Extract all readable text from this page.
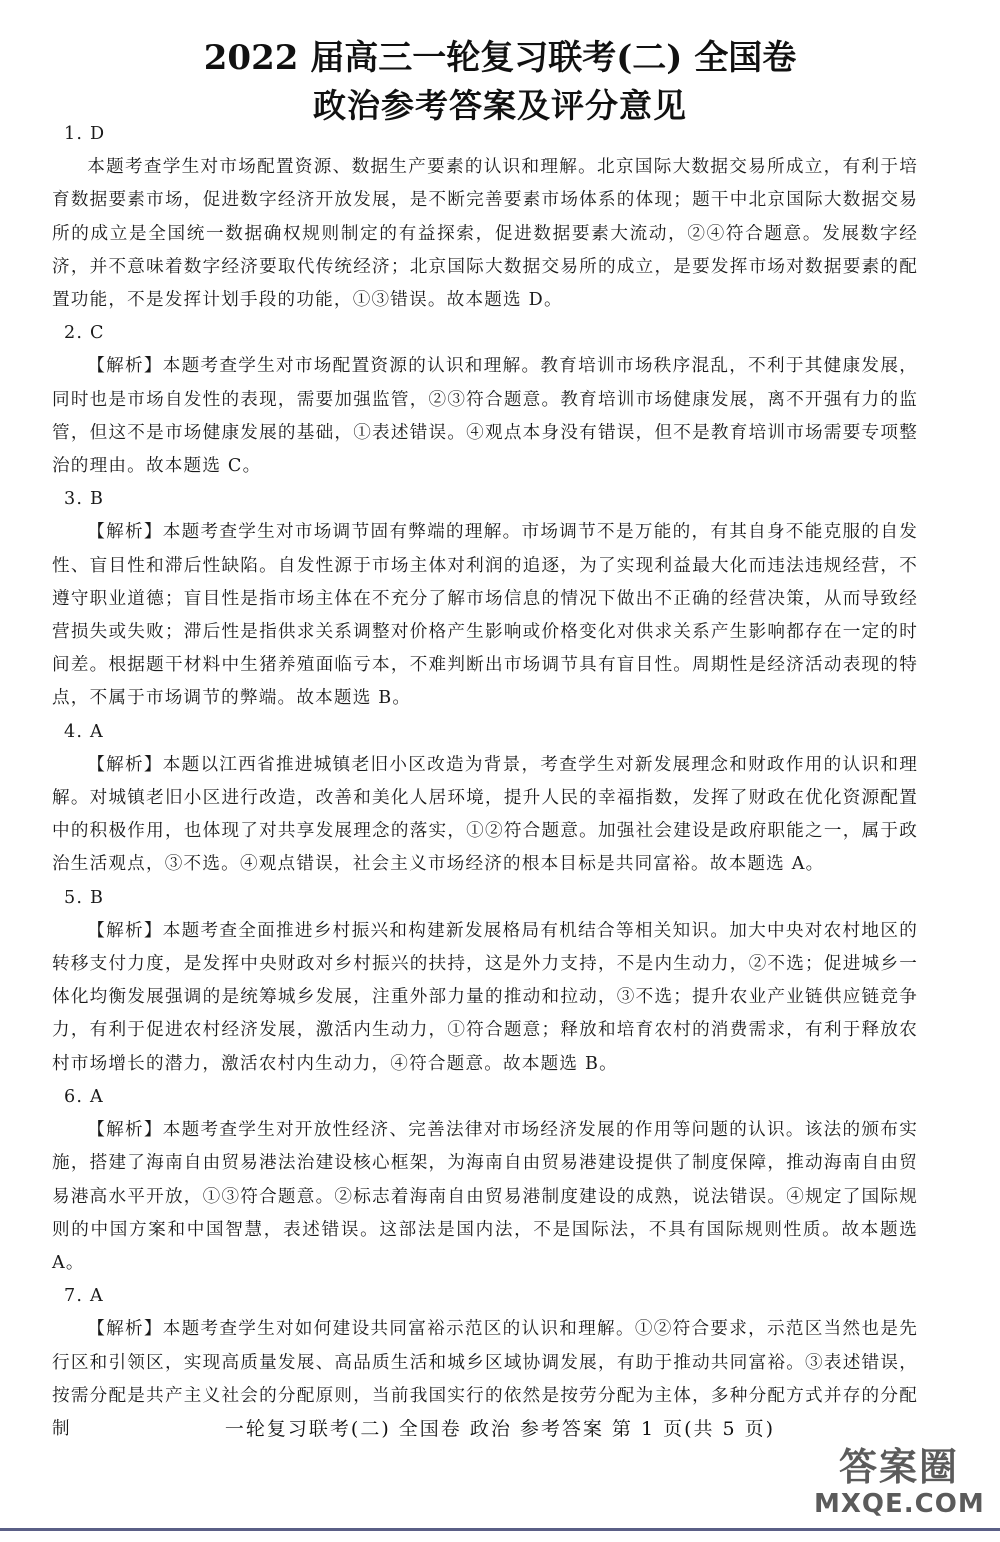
2022 届高三一轮复习联考(二) 全国卷
政治参考答案及评分意见

1. D

本题考查学生对市场配置资源、数据生产要素的认识和理解。北京国际大数据交易所成立，有利于培育数据要素市场，促进数字经济开放发展，是不断完善要素市场体系的体现；题干中北京国际大数据交易所的成立是全国统一数据确权规则制定的有益探索，促进数据要素大流动，②④符合题意。发展数字经济，并不意味着数字经济要取代传统经济；北京国际大数据交易所的成立，是要发挥市场对数据要素的配置功能，不是发挥计划手段的功能，①③错误。故本题选 D。

2. C

【解析】本题考查学生对市场配置资源的认识和理解。教育培训市场秩序混乱，不利于其健康发展，同时也是市场自发性的表现，需要加强监管，②③符合题意。教育培训市场健康发展，离不开强有力的监管，但这不是市场健康发展的基础，①表述错误。④观点本身没有错误，但不是教育培训市场需要专项整治的理由。故本题选 C。

3. B

【解析】本题考查学生对市场调节固有弊端的理解。市场调节不是万能的，有其自身不能克服的自发性、盲目性和滞后性缺陷。自发性源于市场主体对利润的追逐，为了实现利益最大化而违法违规经营，不遵守职业道德；盲目性是指市场主体在不充分了解市场信息的情况下做出不正确的经营决策，从而导致经营损失或失败；滞后性是指供求关系调整对价格产生影响或价格变化对供求关系产生影响都存在一定的时间差。根据题干材料中生猪养殖面临亏本，不难判断出市场调节具有盲目性。周期性是经济活动表现的特点，不属于市场调节的弊端。故本题选 B。

4. A

【解析】本题以江西省推进城镇老旧小区改造为背景，考查学生对新发展理念和财政作用的认识和理解。对城镇老旧小区进行改造，改善和美化人居环境，提升人民的幸福指数，发挥了财政在优化资源配置中的积极作用，也体现了对共享发展理念的落实，①②符合题意。加强社会建设是政府职能之一，属于政治生活观点，③不选。④观点错误，社会主义市场经济的根本目标是共同富裕。故本题选 A。

5. B

【解析】本题考查全面推进乡村振兴和构建新发展格局有机结合等相关知识。加大中央对农村地区的转移支付力度，是发挥中央财政对乡村振兴的扶持，这是外力支持，不是内生动力，②不选；促进城乡一体化均衡发展强调的是统筹城乡发展，注重外部力量的推动和拉动，③不选；提升农业产业链供应链竞争力，有利于促进农村经济发展，激活内生动力，①符合题意；释放和培育农村的消费需求，有利于释放农村市场增长的潜力，激活农村内生动力，④符合题意。故本题选 B。

6. A

【解析】本题考查学生对开放性经济、完善法律对市场经济发展的作用等问题的认识。该法的颁布实施，搭建了海南自由贸易港法治建设核心框架，为海南自由贸易港建设提供了制度保障，推动海南自由贸易港高水平开放，①③符合题意。②标志着海南自由贸易港制度建设的成熟，说法错误。④规定了国际规则的中国方案和中国智慧，表述错误。这部法是国内法，不是国际法，不具有国际规则性质。故本题选 A。

7. A

【解析】本题考查学生对如何建设共同富裕示范区的认识和理解。①②符合要求，示范区当然也是先行区和引领区，实现高质量发展、高品质生活和城乡区域协调发展，有助于推动共同富裕。③表述错误，按需分配是共产主义社会的分配原则，当前我国实行的依然是按劳分配为主体，多种分配方式并存的分配制	一轮复习联考(二) 全国卷 政治 参考答案 第 1 页(共 5 页)
答案圈
MXQE.COM
